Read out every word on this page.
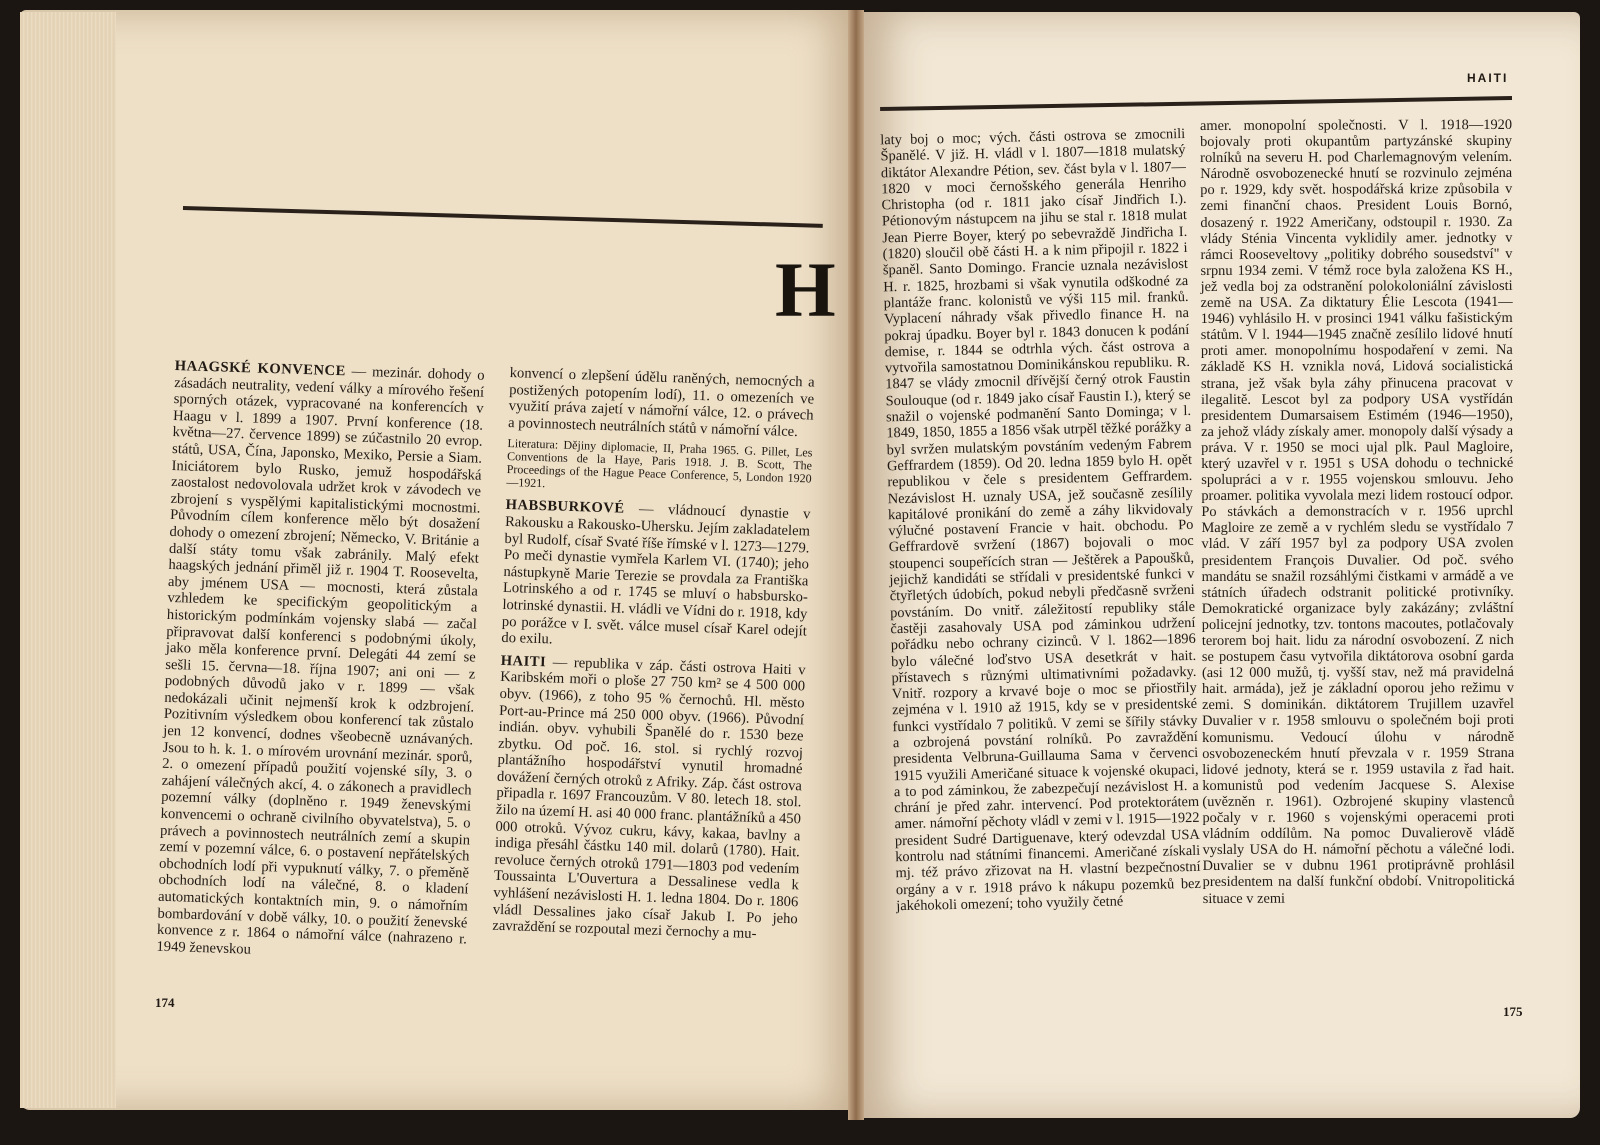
H

HAAGSKÉ KONVENCE — mezinár. dohody o zásadách neutrality, vedení války a mírového řešení sporných otázek, vypracované na konferencích v Haagu v l. 1899 a 1907. První konference (18. května—27. července 1899) se zúčastnilo 20 evrop. států, USA, Čína, Japonsko, Mexiko, Persie a Siam. Iniciátorem bylo Rusko, jemuž hospodářská zaostalost nedovolovala udržet krok v závodech ve zbrojení s vyspělými kapitalistickými mocnostmi. Původním cílem konference mělo být dosažení dohody o omezení zbrojení; Německo, V. Británie a další státy tomu však zabránily. Malý efekt haagských jednání přiměl již r. 1904 T. Roosevelta, aby jménem USA — mocnosti, která zůstala vzhledem ke specifickým geopolitickým a historickým podmínkám vojensky slabá — začal připravovat další konferenci s podobnými úkoly, jako měla konference první. Delegáti 44 zemí se sešli 15. června—18. října 1907; ani oni — z podobných důvodů jako v r. 1899 — však nedokázali učinit nejmenší krok k odzbrojení. Pozitivním výsledkem obou konferencí tak zůstalo jen 12 konvencí, dodnes všeobecně uznávaných. Jsou to h. k. 1. o mírovém urovnání mezinár. sporů, 2. o omezení případů použití vojenské síly, 3. o zahájení válečných akcí, 4. o zákonech a pravidlech pozemní války (doplněno r. 1949 ženevskými konvencemi o ochraně civilního obyvatelstva), 5. o právech a povinnostech neutrálních zemí a skupin zemí v pozemní válce, 6. o postavení nepřátelských obchodních lodí při vypuknutí války, 7. o přeměně obchodních lodí na válečné, 8. o kladení automatických kontaktních min, 9. o námořním bombardování v době války, 10. o použití ženevské konvence z r. 1864 o námořní válce (nahrazeno r. 1949 ženevskou

konvencí o zlepšení údělu raněných, nemocných a postižených potopením lodí), 11. o omezeních ve využití práva zajetí v námořní válce, 12. o právech a povinnostech neutrálních států v námořní válce.

Literatura: Dějiny diplomacie, II, Praha 1965. G. Pillet, Les Conventions de la Haye, Paris 1918. J. B. Scott, The Proceedings of the Hague Peace Conference, 5, London 1920—1921.

HABSBURKOVÉ — vládnoucí dynastie v Rakousku a Rakousko-Uhersku. Jejím zakladatelem byl Rudolf, císař Svaté říše římské v l. 1273—1279. Po meči dynastie vymřela Karlem VI. (1740); jeho nástupkyně Marie Terezie se provdala za Františka Lotrinského a od r. 1745 se mluví o habsbursko-lotrinské dynastii. H. vládli ve Vídni do r. 1918, kdy po porážce v I. svět. válce musel císař Karel odejít do exilu.

HAITI — republika v záp. části ostrova Haiti v Karibském moři o ploše 27 750 km² se 4 500 000 obyv. (1966), z toho 95 % černochů. Hl. město Port-au-Prince má 250 000 obyv. (1966). Původní indián. obyv. vyhubili Španělé do r. 1530 beze zbytku. Od poč. 16. stol. si rychlý rozvoj plantážního hospodářství vynutil hromadné dovážení černých otroků z Afriky. Záp. část ostrova připadla r. 1697 Francouzům. V 80. letech 18. stol. žilo na území H. asi 40 000 franc. plantážníků a 450 000 otroků. Vývoz cukru, kávy, kakaa, bavlny a indiga přesáhl částku 140 mil. dolarů (1780). Hait. revoluce černých otroků 1791—1803 pod vedením Toussainta L'Ouvertura a Dessalinese vedla k vyhlášení nezávislosti H. 1. ledna 1804. Do r. 1806 vládl Dessalines jako císař Jakub I. Po jeho zavraždění se rozpoutal mezi černochy a mu-

174
HAITI

laty boj o moc; vých. části ostrova se zmocnili Španělé. V již. H. vládl v l. 1807—1818 mulatský diktátor Alexandre Pétion, sev. část byla v l. 1807—1820 v moci černošského generála Henriho Christopha (od r. 1811 jako císař Jindřich I.). Pétionovým nástupcem na jihu se stal r. 1818 mulat Jean Pierre Boyer, který po sebevraždě Jindřicha I. (1820) sloučil obě části H. a k nim připojil r. 1822 i španěl. Santo Domingo. Francie uznala nezávislost H. r. 1825, hrozbami si však vynutila odškodné za plantáže franc. kolonistů ve výši 115 mil. franků. Vyplacení náhrady však přivedlo finance H. na pokraj úpadku. Boyer byl r. 1843 donucen k podání demise, r. 1844 se odtrhla vých. část ostrova a vytvořila samostatnou Dominikánskou republiku. R. 1847 se vlády zmocnil dřívější černý otrok Faustin Soulouque (od r. 1849 jako císař Faustin I.), který se snažil o vojenské podmanění Santo Dominga; v l. 1849, 1850, 1855 a 1856 však utrpěl těžké porážky a byl svržen mulatským povstáním vedeným Fabrem Geffrardem (1859). Od 20. ledna 1859 bylo H. opět republikou v čele s presidentem Geffrardem. Nezávislost H. uznaly USA, jež současně zesílily kapitálové pronikání do země a záhy likvidovaly výlučné postavení Francie v hait. obchodu. Po Geffrardově svržení (1867) bojovali o moc stoupenci soupeřících stran — Ještěrek a Papoušků, jejichž kandidáti se střídali v presidentské funkci v čtyřletých údobích, pokud nebyli předčasně svrženi povstáním. Do vnitř. záležitostí republiky stále častěji zasahovaly USA pod záminkou udržení pořádku nebo ochrany cizinců. V l. 1862—1896 bylo válečné loďstvo USA desetkrát v hait. přístavech s různými ultimativními požadavky. Vnitř. rozpory a krvavé boje o moc se přiostřily zejména v l. 1910 až 1915, kdy se v presidentské funkci vystřídalo 7 politiků. V zemi se šířily stávky a ozbrojená povstání rolníků. Po zavraždění presidenta Velbruna-Guillauma Sama v červenci 1915 využili Američané situace k vojenské okupaci, a to pod záminkou, že zabezpečují nezávislost H. a chrání je před zahr. intervencí. Pod protektorátem amer. námořní pěchoty vládl v zemi v l. 1915—1922 president Sudré Dartiguenave, který odevzdal USA kontrolu nad státními financemi. Američané získali mj. též právo zřizovat na H. vlastní bezpečnostní orgány a v r. 1918 právo k nákupu pozemků bez jakéhokoli omezení; toho využily četné

amer. monopolní společnosti. V l. 1918—1920 bojovaly proti okupantům partyzánské skupiny rolníků na severu H. pod Charlemagnovým velením. Národně osvobozenecké hnutí se rozvinulo zejména po r. 1929, kdy svět. hospodářská krize způsobila v zemi finanční chaos. President Louis Bornó, dosazený r. 1922 Američany, odstoupil r. 1930. Za vlády Sténia Vincenta vyklidily amer. jednotky v rámci Rooseveltovy „politiky dobrého sousedství" v srpnu 1934 zemi. V témž roce byla založena KS H., jež vedla boj za odstranění polokoloniální závislosti země na USA. Za diktatury Élie Lescota (1941—1946) vyhlásilo H. v prosinci 1941 válku fašistickým státům. V l. 1944—1945 značně zesílilo lidové hnutí proti amer. monopolnímu hospodaření v zemi. Na základě KS H. vznikla nová, Lidová socialistická strana, jež však byla záhy přinucena pracovat v ilegalitě. Lescot byl za podpory USA vystřídán presidentem Dumarsaisem Estimém (1946—1950), za jehož vlády získaly amer. monopoly další výsady a práva. V r. 1950 se moci ujal plk. Paul Magloire, který uzavřel v r. 1951 s USA dohodu o technické spolupráci a v r. 1955 vojenskou smlouvu. Jeho proamer. politika vyvolala mezi lidem rostoucí odpor. Po stávkách a demonstracích v r. 1956 uprchl Magloire ze země a v rychlém sledu se vystřídalo 7 vlád. V září 1957 byl za podpory USA zvolen presidentem François Duvalier. Od poč. svého mandátu se snažil rozsáhlými čistkami v armádě a ve státních úřadech odstranit politické protivníky. Demokratické organizace byly zakázány; zvláštní policejní jednotky, tzv. tontons macoutes, potlačovaly terorem boj hait. lidu za národní osvobození. Z nich se postupem času vytvořila diktátorova osobní garda (asi 12 000 mužů, tj. vyšší stav, než má pravidelná hait. armáda), jež je základní oporou jeho režimu v zemi. S dominikán. diktátorem Trujillem uzavřel Duvalier v r. 1958 smlouvu o společném boji proti komunismu. Vedoucí úlohu v národně osvobozeneckém hnutí převzala v r. 1959 Strana lidové jednoty, která se r. 1959 ustavila z řad hait. komunistů pod vedením Jacquese S. Alexise (uvězněn r. 1961). Ozbrojené skupiny vlastenců počaly v r. 1960 s vojenskými operacemi proti vládním oddílům. Na pomoc Duvalierově vládě vyslaly USA do H. námořní pěchotu a válečné lodi. Duvalier se v dubnu 1961 protiprávně prohlásil presidentem na další funkční období. Vnitropolitická situace v zemi

175
